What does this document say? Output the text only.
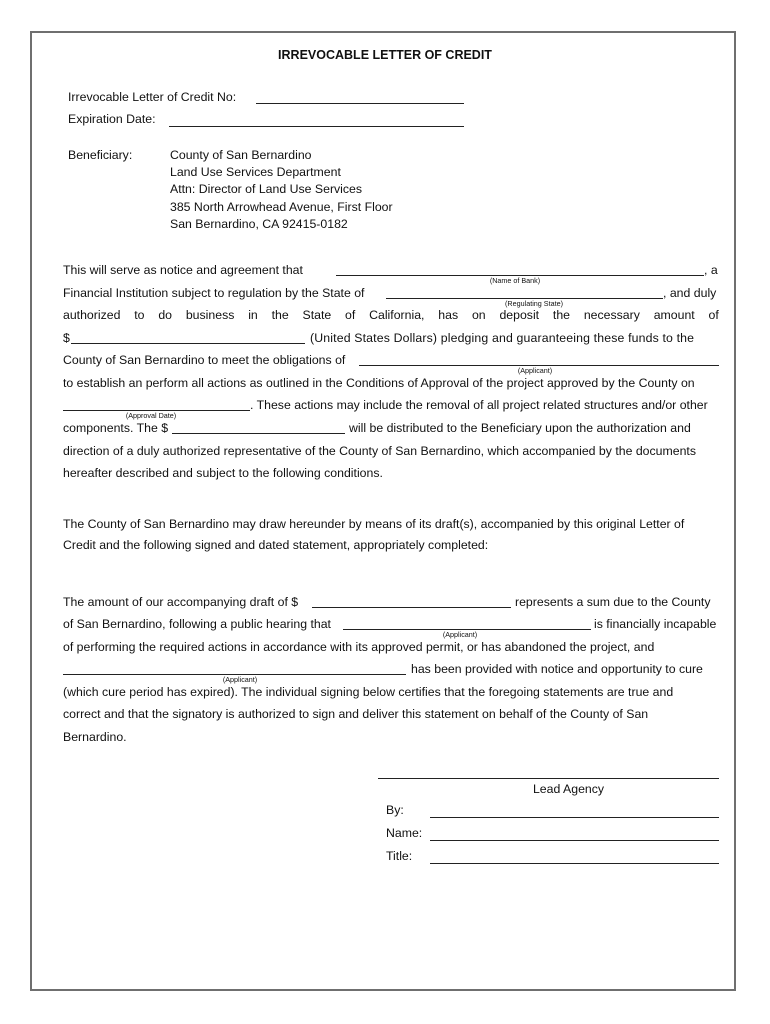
IRREVOCABLE LETTER OF CREDIT
Irrevocable Letter of Credit No:
Expiration Date:
Beneficiary:	County of San Bernardino
Land Use Services Department
Attn: Director of Land Use Services
385 North Arrowhead Avenue, First Floor
San Bernardino, CA 92415-0182
This will serve as notice and agreement that	, a
(Name of Bank)
Financial Institution subject to regulation by the State of	, and duly
(Regulating State)
authorized to do business in the State of California, has on deposit the necessary amount of
$	(United States Dollars) pledging and guaranteeing these funds to the
County of San Bernardino to meet the obligations of
(Applicant)
to establish an perform all actions as outlined in the Conditions of Approval of the project approved by the County on
. These actions may include the removal of all project related structures and/or other
(Approval Date)
components. The $	will be distributed to the Beneficiary upon the authorization and
direction of a duly authorized representative of the County of San Bernardino, which accompanied by the documents
hereafter described and subject to the following conditions.
The County of San Bernardino may draw hereunder by means of its draft(s), accompanied by this original Letter of
Credit and the following signed and dated statement, appropriately completed:
The amount of our accompanying draft of $	represents a sum due to the County
of San Bernardino, following a public hearing that	is financially incapable
(Applicant)
of performing the required actions in accordance with its approved permit, or has abandoned the project, and
has been provided with notice and opportunity to cure
(Applicant)
(which cure period has expired). The individual signing below certifies that the foregoing statements are true and
correct and that the signatory is authorized to sign and deliver this statement on behalf of the County of San
Bernardino.
Lead Agency
By:
Name:
Title:
